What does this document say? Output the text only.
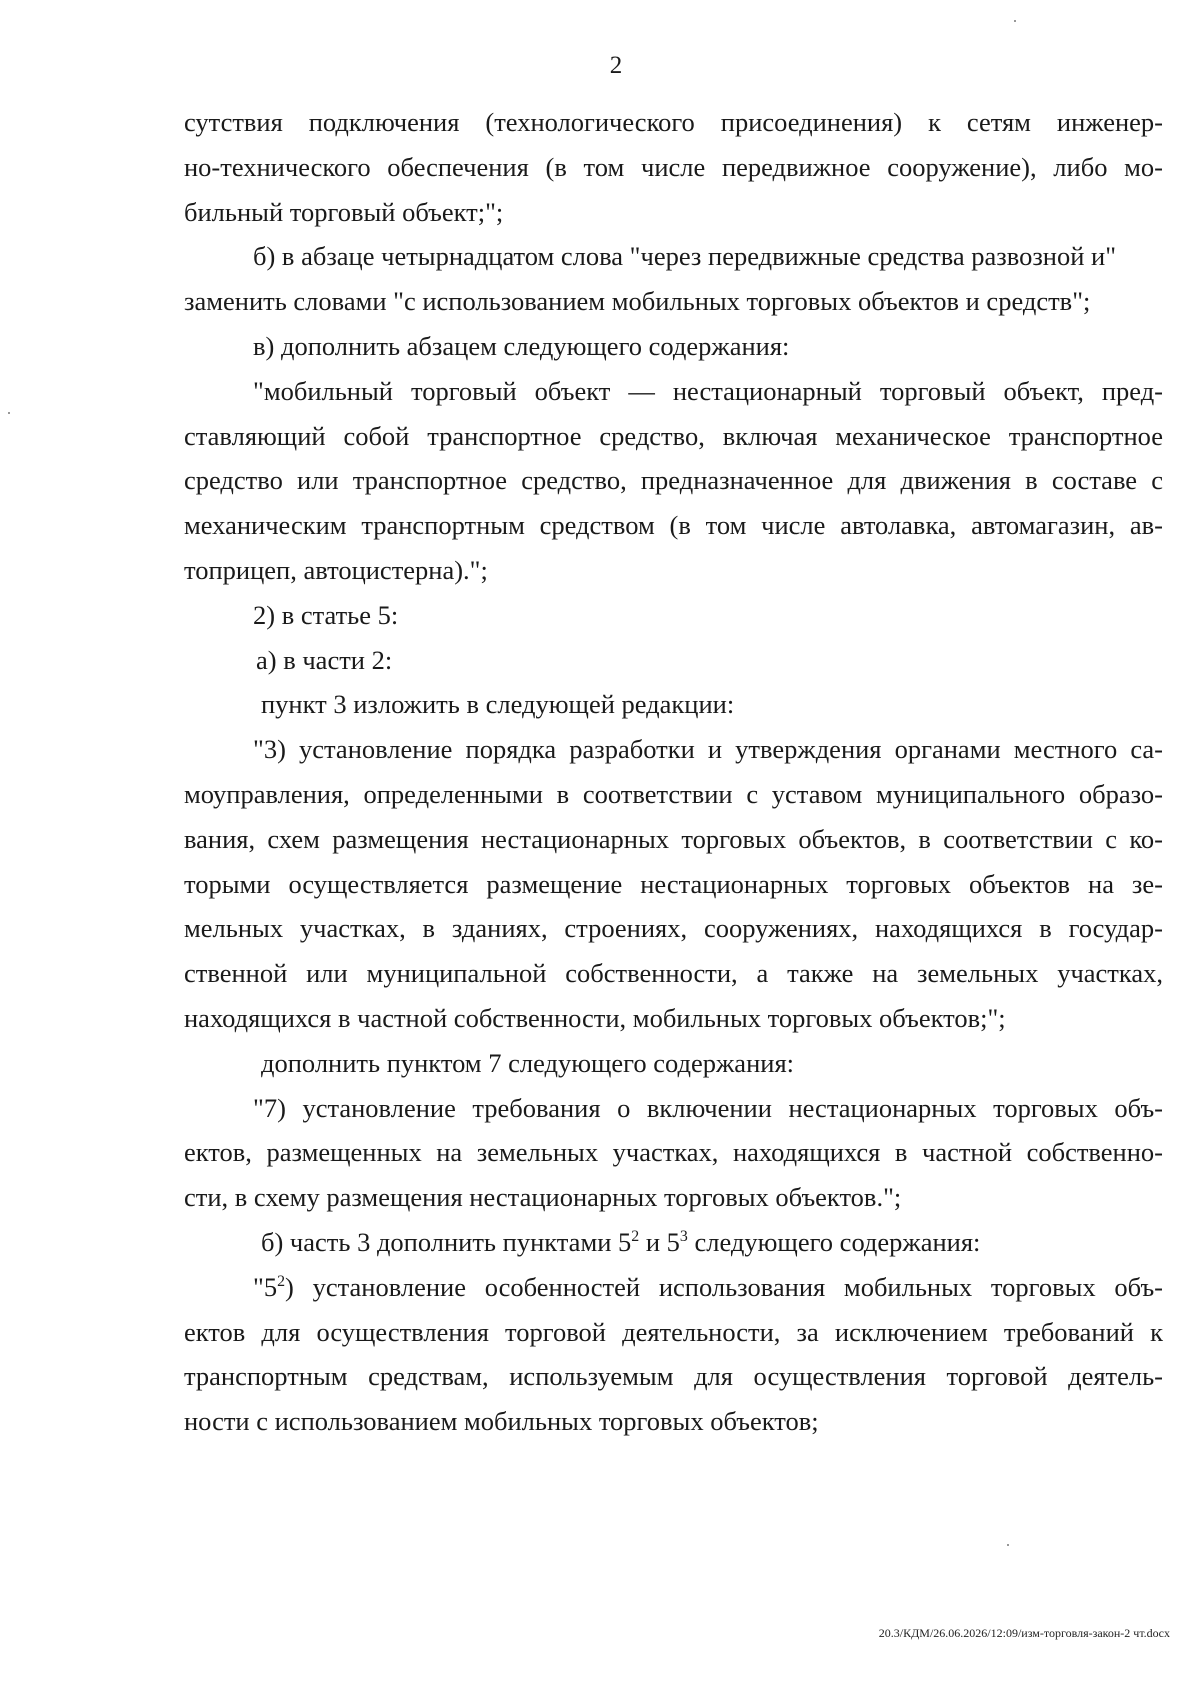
2
сутствия подключения (технологического присоединения) к сетям инженер-
но-технического обеспечения (в том числе передвижное сооружение), либо мо-
бильный торговый объект;";
б) в абзаце четырнадцатом слова "через передвижные средства развозной и"
заменить словами "с использованием мобильных торговых объектов и средств";
в) дополнить абзацем следующего содержания:
"мобильный торговый объект — нестационарный торговый объект, пред-
ставляющий собой транспортное средство, включая механическое транспортное
средство или транспортное средство, предназначенное для движения в составе с
механическим транспортным средством (в том числе автолавка, автомагазин, ав-
топрицеп, автоцистерна).";
2) в статье 5:
а) в части 2:
пункт 3 изложить в следующей редакции:
"3) установление порядка разработки и утверждения органами местного са-
моуправления, определенными в соответствии с уставом муниципального образо-
вания, схем размещения нестационарных торговых объектов, в соответствии с ко-
торыми осуществляется размещение нестационарных торговых объектов на зе-
мельных участках, в зданиях, строениях, сооружениях, находящихся в государ-
ственной или муниципальной собственности, а также на земельных участках,
находящихся в частной собственности, мобильных торговых объектов;";
дополнить пунктом 7 следующего содержания:
"7) установление требования о включении нестационарных торговых объ-
ектов, размещенных на земельных участках, находящихся в частной собственно-
сти, в схему размещения нестационарных торговых объектов.";
б) часть 3 дополнить пунктами $5^2$ и $5^3$ следующего содержания:
"$5^2$) установление особенностей использования мобильных торговых объ-
ектов для осуществления торговой деятельности, за исключением требований к
транспортным средствам, используемым для осуществления торговой деятель-
ности с использованием мобильных торговых объектов;
20.3/КДМ/26.06.2026/12:09/изм-торговля-закон-2 чт.docx
